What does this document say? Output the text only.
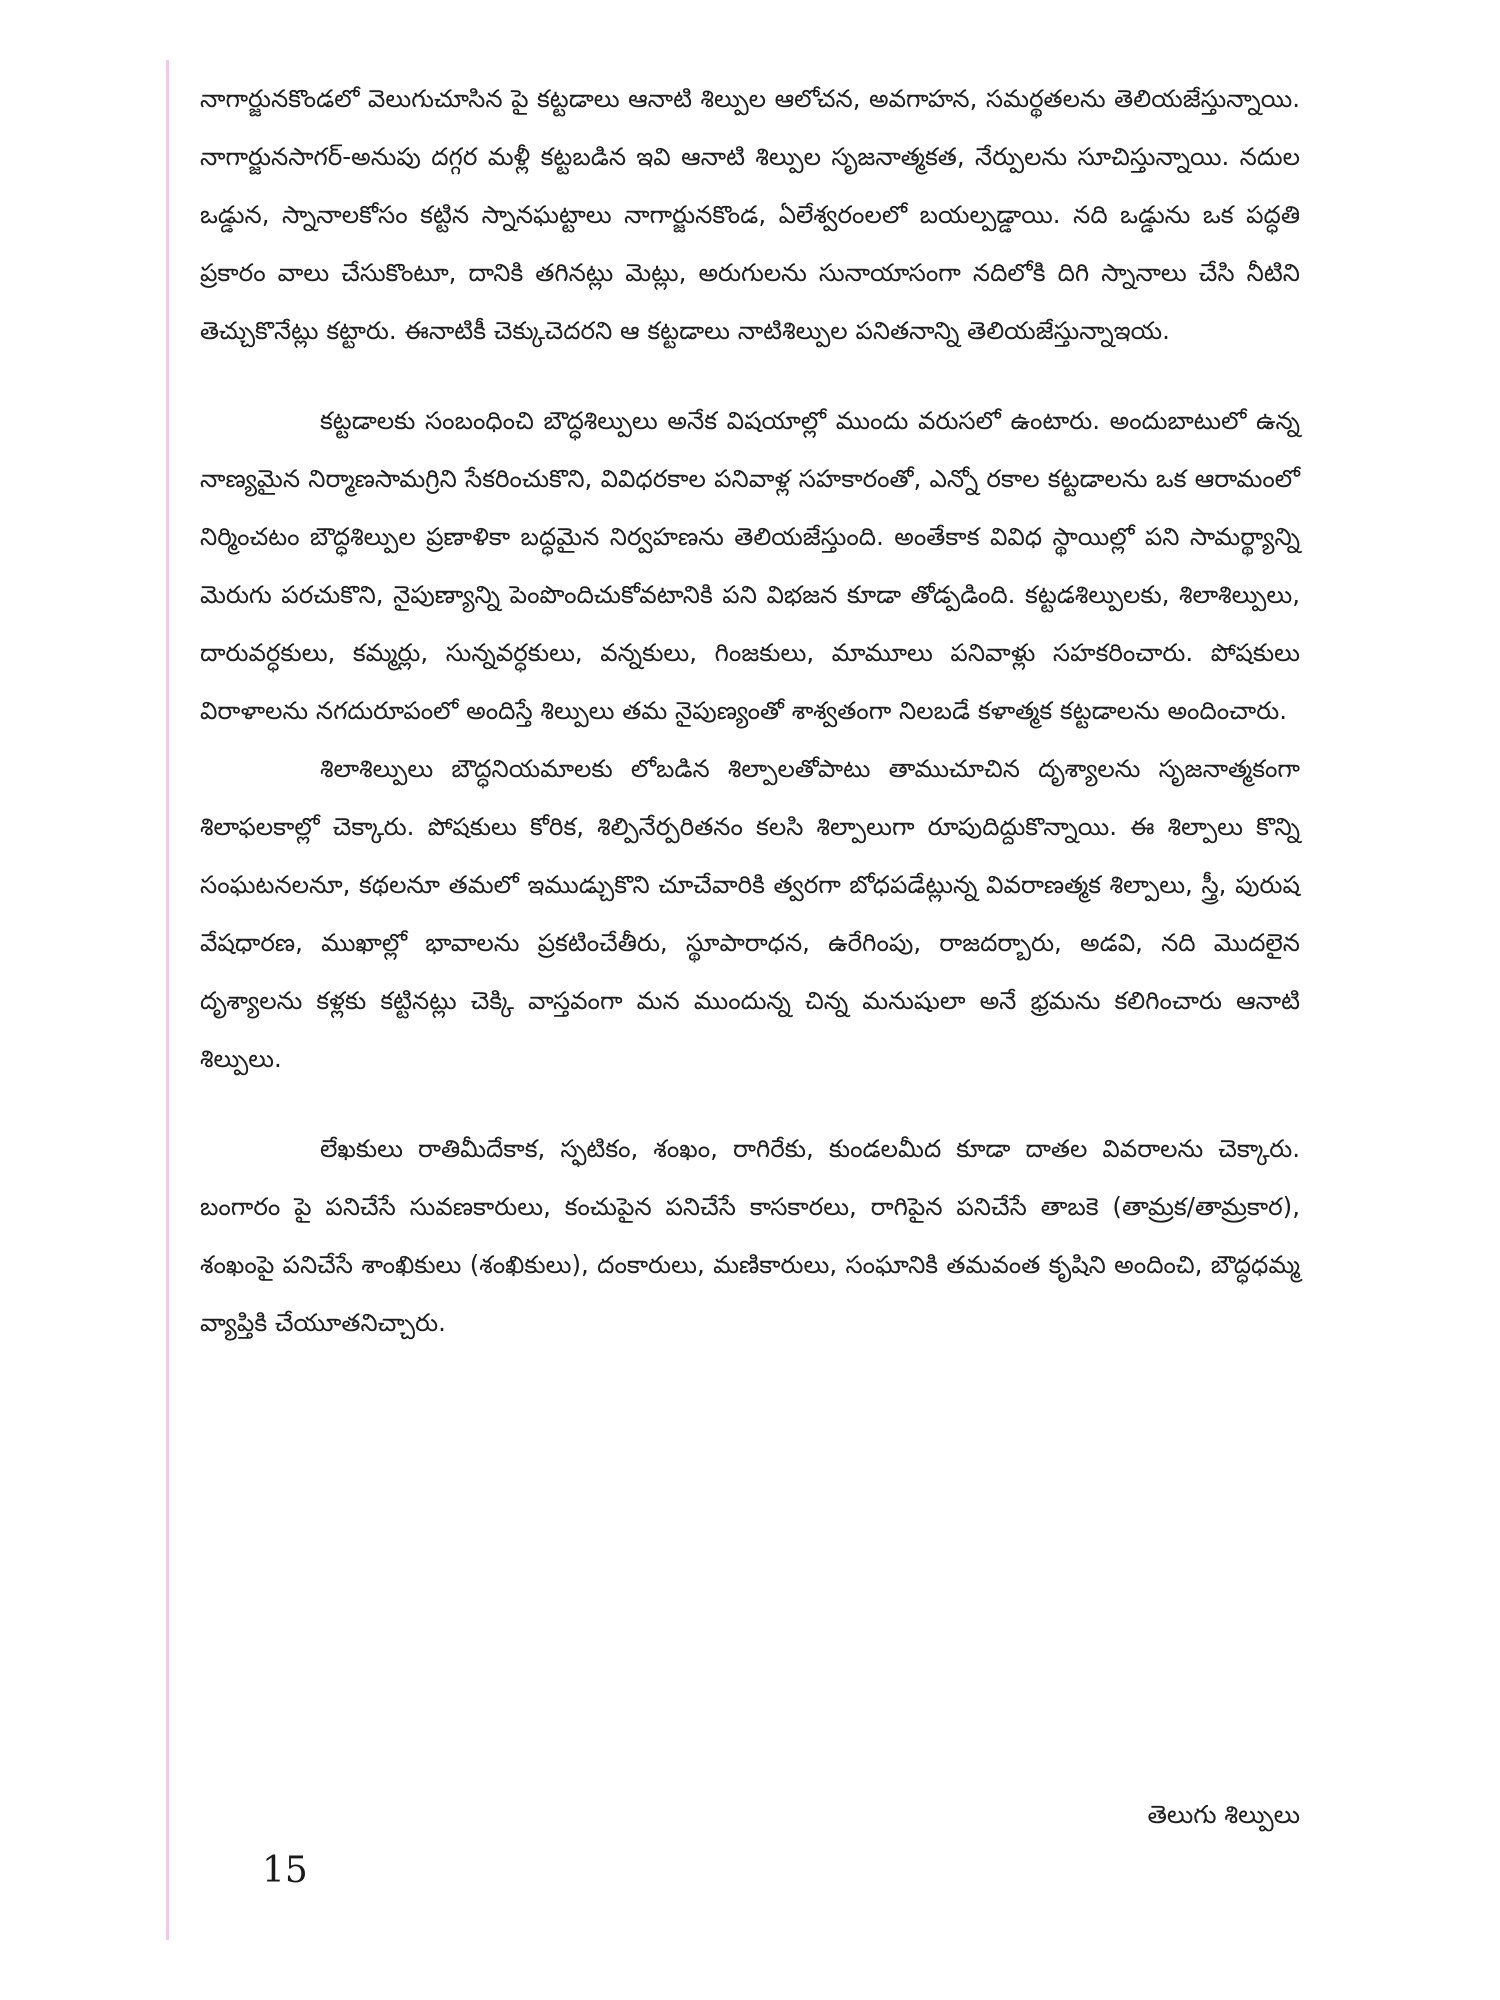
నాగార్జునకొండలో వెలుగుచూసిన పై కట్టడాలు ఆనాటి శిల్పుల ఆలోచన, అవగాహన, సమర్థతలను తెలియజేస్తున్నాయి. నాగార్జునసాగర్‌-అనుపు దగ్గర మళ్లీ కట్టబడిన ఇవి ఆనాటి శిల్పుల సృజనాత్మకత, నేర్పులను సూచిస్తున్నాయి. నదుల ఒడ్డున, స్నానాలకోసం కట్టిన స్నానఘట్టాలు నాగార్జునకొండ, ఏలేశ్వరంలలో బయల్పడ్డాయి. నది ఒడ్డును ఒక పద్ధతి ప్రకారం వాలు చేసుకొంటూ, దానికి తగినట్లు మెట్లు, అరుగులను సునాయాసంగా నదిలోకి దిగి స్నానాలు చేసి నీటిని తెచ్చుకొనేట్లు కట్టారు. ఈనాటికీ చెక్కుచెదరని ఆ కట్టడాలు నాటిశిల్పుల పనితనాన్ని తెలియజేస్తున్నాఇయ.

కట్టడాలకు సంబంధించి బౌద్ధశిల్పులు అనేక విషయాల్లో ముందు వరుసలో ఉంటారు. అందుబాటులో ఉన్న నాణ్యమైన నిర్మాణసామగ్రిని సేకరించుకొని, వివిధరకాల పనివాళ్ల సహకారంతో, ఎన్నో రకాల కట్టడాలను ఒక ఆరామంలో నిర్మించటం బౌద్ధశిల్పుల ప్రణాళికా బద్ధమైన నిర్వహణను తెలియజేస్తుంది. అంతేకాక వివిధ స్థాయిల్లో పని సామర్థ్యాన్ని మెరుగు పరచుకొని, నైపుణ్యాన్ని పెంపొందిచుకోవటానికి పని విభజన కూడా తోడ్పడింది. కట్టడశిల్పులకు, శిలాశిల్పులు, దారువర్ధకులు, కమ్మర్లు, సున్నవర్ధకులు, వన్నకులు, గింజకులు, మామూలు పనివాళ్లు సహకరించారు. పోషకులు విరాళాలను నగదురూపంలో అందిస్తే శిల్పులు తమ నైపుణ్యంతో శాశ్వతంగా నిలబడే కళాత్మక కట్టడాలను అందించారు.

శిలాశిల్పులు బౌద్ధనియమాలకు లోబడిన శిల్పాలతోపాటు తాముచూచిన దృశ్యాలను సృజనాత్మకంగా శిలాఫలకాల్లో చెక్కారు. పోషకులు కోరిక, శిల్పినేర్పరితనం కలసి శిల్పాలుగా రూపుదిద్దుకొన్నాయి. ఈ శిల్పాలు కొన్ని సంఘటనలనూ, కథలనూ తమలో ఇముడ్చుకొని చూచేవారికి త్వరగా బోధపడేట్లున్న వివరాణత్మక శిల్పాలు, స్త్రీ, పురుష వేషధారణ, ముఖాల్లో భావాలను ప్రకటించేతీరు, స్థూపారాధన, ఉరేగింపు, రాజదర్బారు, అడవి, నది మొదలైన దృశ్యాలను కళ్లకు కట్టినట్లు చెక్కి వాస్తవంగా మన ముందున్న చిన్న మనుషులా అనే భ్రమను కలిగించారు ఆనాటి శిల్పులు.

లేఖకులు రాతిమీదేకాక, స్ఫటికం, శంఖం, రాగిరేకు, కుండలమీద కూడా దాతల వివరాలను చెక్కారు. బంగారం పై పనిచేసే సువణకారులు, కంచుపైన పనిచేసే కాసకారలు, రాగిపైన పనిచేసే తాబకె (తామ్రక/తామ్రకార), శంఖంపై పనిచేసే శాంఖికులు (శంఖికులు), దంకారులు, మణికారులు, సంఘానికి తమవంత కృషిని అందించి, బౌద్ధధమ్మ వ్యాప్తికి చేయూతనిచ్చారు.

తెలుగు శిల్పులు
15
